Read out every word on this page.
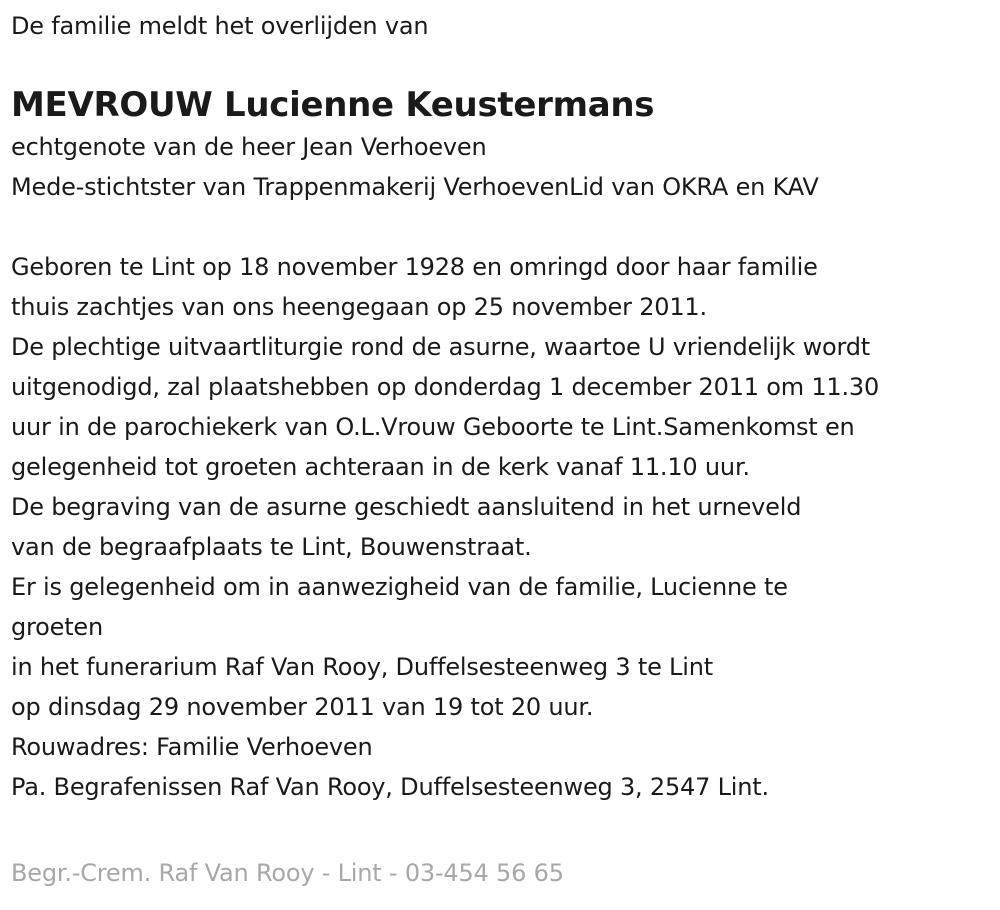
De familie meldt het overlijden van

MEVROUW Lucienne Keustermans

echtgenote van de heer Jean Verhoeven

Mede-stichtster van Trappenmakerij VerhoevenLid van OKRA en KAV

Geboren te Lint op 18 november 1928 en omringd door haar familie

thuis zachtjes van ons heengegaan op 25 november 2011.

De plechtige uitvaartliturgie rond de asurne, waartoe U vriendelijk wordt

uitgenodigd, zal plaatshebben op donderdag 1 december 2011 om 11.30

uur in de parochiekerk van O.L.Vrouw Geboorte te Lint.Samenkomst en

gelegenheid tot groeten achteraan in de kerk vanaf 11.10 uur.

De begraving van de asurne geschiedt aansluitend in het urneveld

van de begraafplaats te Lint, Bouwenstraat.

Er is gelegenheid om in aanwezigheid van de familie, Lucienne te

groeten

in het funerarium Raf Van Rooy, Duffelsesteenweg 3 te Lint

op dinsdag 29 november 2011 van 19 tot 20 uur.

Rouwadres: Familie Verhoeven

Pa. Begrafenissen Raf Van Rooy, Duffelsesteenweg 3, 2547 Lint.

Begr.-Crem. Raf Van Rooy - Lint - 03-454 56 65
